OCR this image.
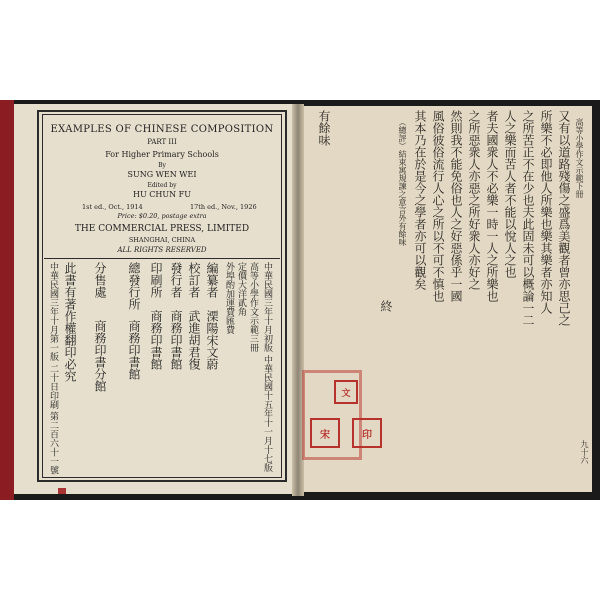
EXAMPLES OF CHINESE COMPOSITION
PART III
For Higher Primary Schools
By
SUNG WEN WEI
Edited by
HU CHUN FU
1st ed., Oct., 1914	17th ed., Nov., 1926
Price: $0.20, postage extra
THE COMMERCIAL PRESS, LIMITED
SHANGHAI, CHINA
ALL RIGHTS RESERVED
中華民國三年十月初版 中華民國十五年十一月十七版
高等小學作文示範三冊
定價大洋貳角
外埠酌加運費匯費
編纂者
溧陽宋文蔚
校訂者
武進胡君復
發行者
商務印書館
印刷所
商務印書館
總發行所
商務印書館
分售處
商務印書分館
此書有著作權翻印必究
中華民國三年十月第一版 二十日印刷 第二百六十一號
高等小學作文示範下冊
又有以道路殘傷之盛爲美觀者曾亦思己之
所樂不必即他人所樂也樂其樂者亦知人
之所苦正不在少也夫此固未可以概論一二
人之樂而苦人者不能以悅人之也
者夫國衆人不必樂一時一人之所樂也
之所惡衆人亦惡之所好衆人亦好之
然則我不能免俗也人之好惡係乎一國
風俗彼俗流行人心之所以不可不慎也
其本乃在於是今之學者亦可以觀矣
（總評）結束寓規諫之意言外有餘味
有餘味
終
九十六
宋	印
文
